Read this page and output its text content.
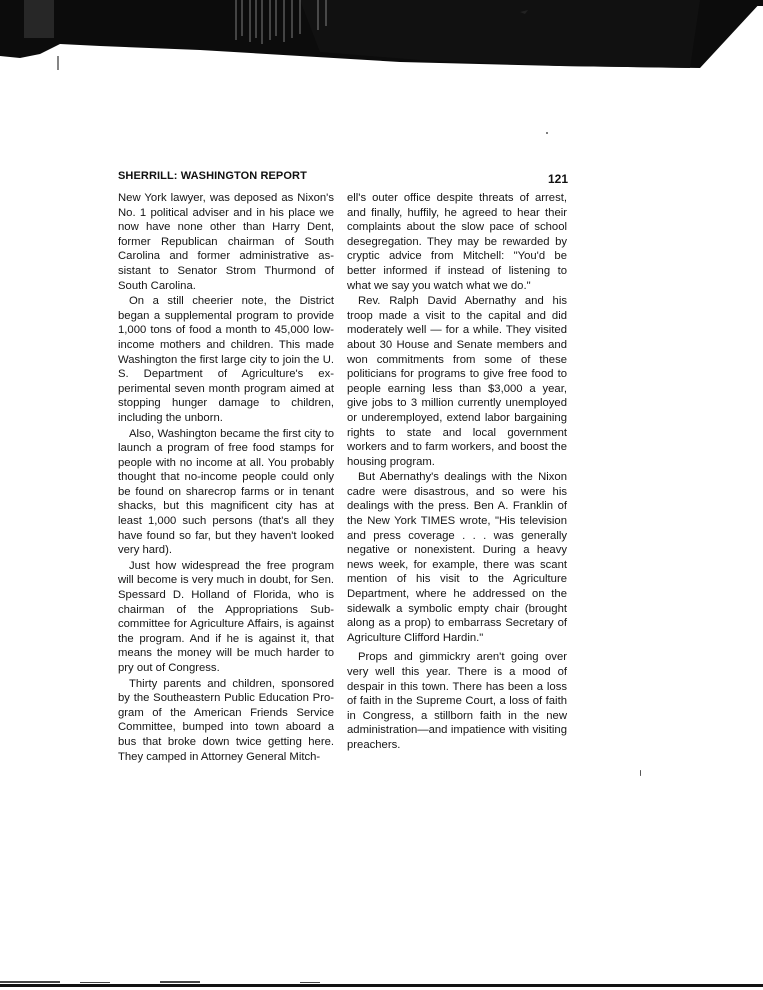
SHERRILL: WASHINGTON REPORT	121

New York lawyer, was deposed as Nixon's No. 1 political adviser and in his place we now have none other than Harry Dent, former Republican chairman of South Carolina and former administrative assistant to Senator Strom Thurmond of South Carolina.

On a still cheerier note, the District began a supplemental program to provide 1,000 tons of food a month to 45,000 low-income mothers and children. This made Washington the first large city to join the U. S. Department of Agriculture's experimental seven month program aimed at stopping hunger damage to children, including the unborn.

Also, Washington became the first city to launch a program of free food stamps for people with no income at all. You probably thought that no-income people could only be found on sharecrop farms or in tenant shacks, but this magnificent city has at least 1,000 such persons (that's all they have found so far, but they haven't looked very hard).

Just how widespread the free program will become is very much in doubt, for Sen. Spessard D. Holland of Florida, who is chairman of the Appropriations Subcommittee for Agriculture Affairs, is against the program. And if he is against it, that means the money will be much harder to pry out of Congress.

Thirty parents and children, sponsored by the Southeastern Public Education Program of the American Friends Service Committee, bumped into town aboard a bus that broke down twice getting here. They camped in Attorney General Mitch-

ell's outer office despite threats of arrest, and finally, huffily, he agreed to hear their complaints about the slow pace of school desegregation. They may be rewarded by cryptic advice from Mitchell: "You'd be better informed if instead of listening to what we say you watch what we do."

Rev. Ralph David Abernathy and his troop made a visit to the capital and did moderately well — for a while. They visited about 30 House and Senate members and won commitments from some of these politicians for programs to give free food to people earning less than $3,000 a year, give jobs to 3 million currently unemployed or underemployed, extend labor bargaining rights to state and local government workers and to farm workers, and boost the housing program.

But Abernathy's dealings with the Nixon cadre were disastrous, and so were his dealings with the press. Ben A. Franklin of the New York TIMES wrote, "His television and press coverage . . . was generally negative or nonexistent. During a heavy news week, for example, there was scant mention of his visit to the Agriculture Department, where he addressed on the sidewalk a symbolic empty chair (brought along as a prop) to embarrass Secretary of Agriculture Clifford Hardin."

Props and gimmickry aren't going over very well this year. There is a mood of despair in this town. There has been a loss of faith in the Supreme Court, a loss of faith in Congress, a stillborn faith in the new administration—and impatience with visiting preachers.
